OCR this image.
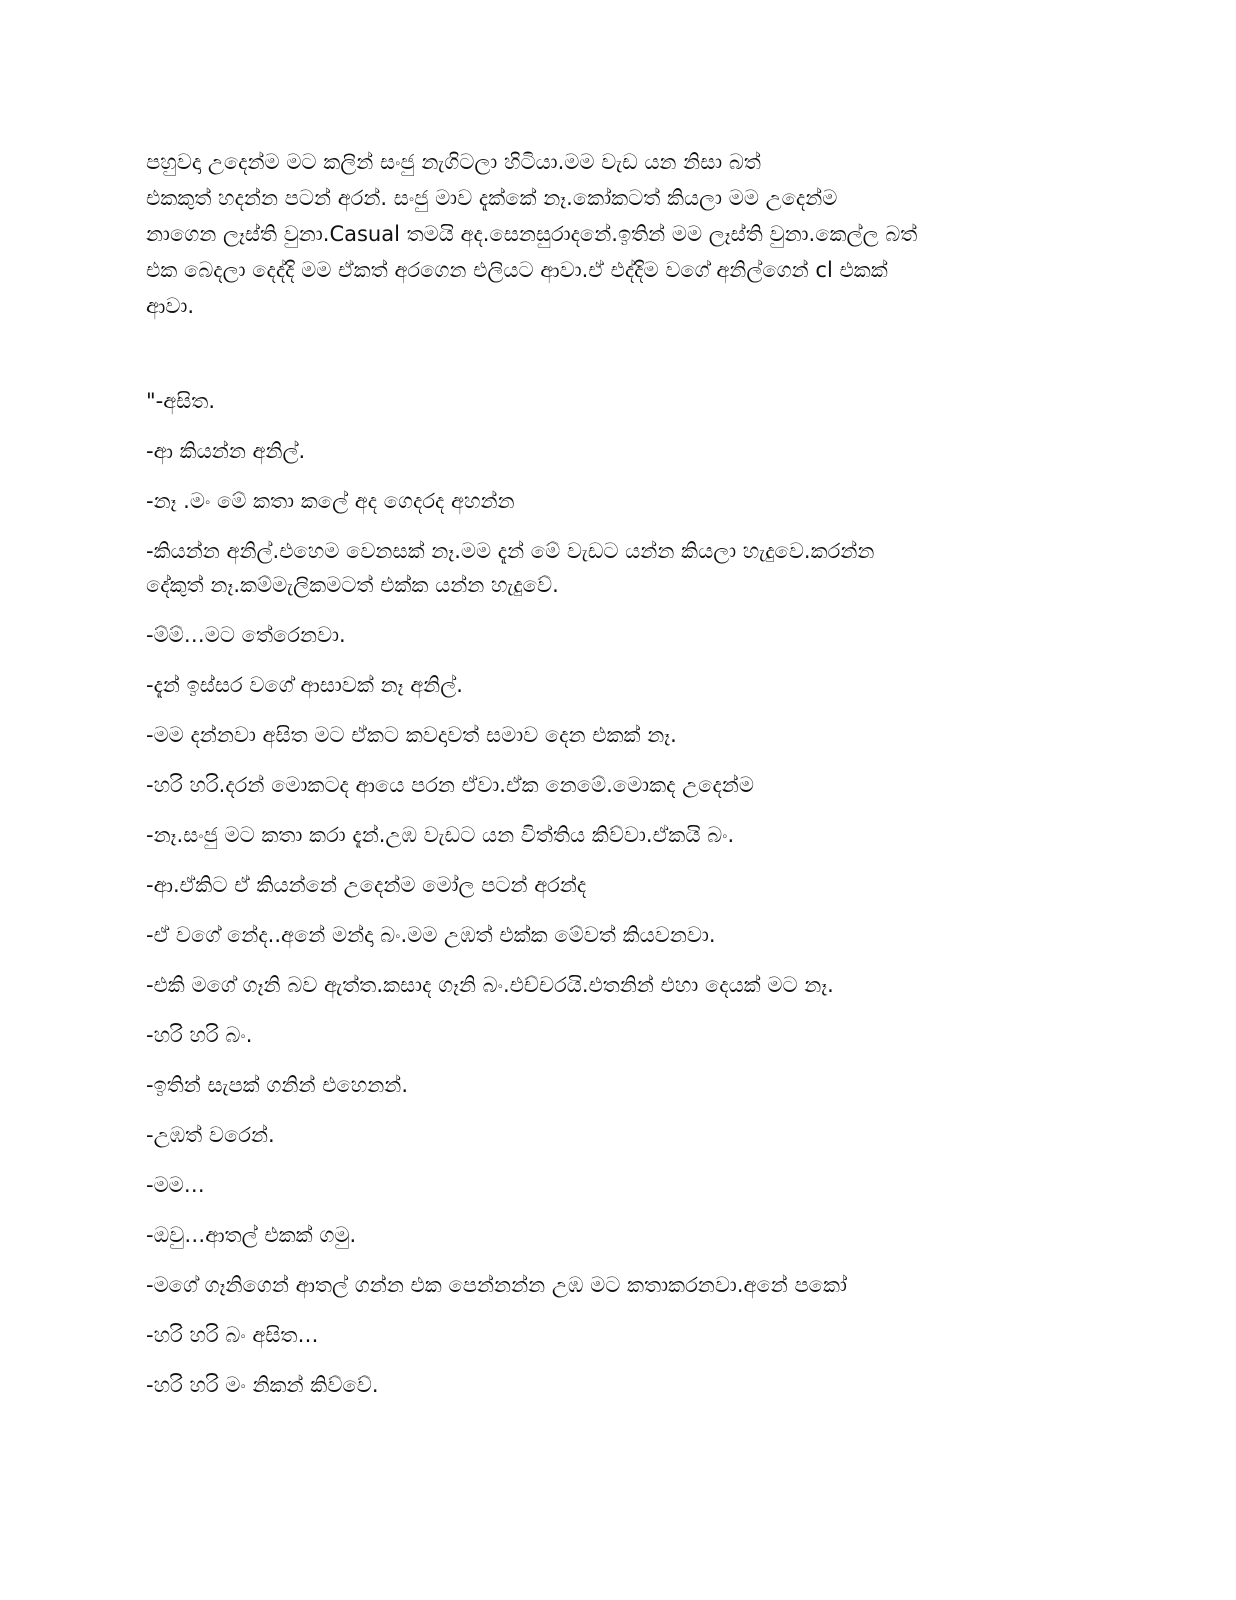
පහුවදා උදෙන්ම මට කලින් සංජු නැගිටලා හිටියා.මම වැඩ යන නිසා බත්
එකකුත් හදන්න පටන් අරන්. සංජු මාව දැක්කේ නෑ.කෝකටත් කියලා මම උදෙන්ම
නාගෙන ලෑස්ති වුනා.Casual තමයි අද.සෙනසුරාදනේ.ඉතින් මම ලෑස්ති වුනා.කෙල්ල බත්
එක බෙදලා දෙද්දි මම ඒකත් අරගෙන එලියට ආවා.ඒ එද්දිම වගේ අනිල්ගෙන් cl එකක්
ආවා.

"-අසිත.

-ආ කියන්න අනිල්.

-නෑ .මං මේ කතා කලේ අද ගෙදරද අහන්න

-කියන්න අනිල්.එහෙම වෙනසක් නෑ.මම දැන් මේ වැඩට යන්න කියලා හැදුවෙ.කරන්න
දේකුත් නෑ.කම්මැලිකමටත් එක්ක යන්න හැදුවේ.

-ම්ම්…මට තේරෙනවා.

-දැන් ඉස්සර වගේ ආසාවක් නෑ අනිල්.

-මම දන්නවා අසිත මට ඒකට කවදාවත් සමාව දෙන එකක් නෑ.

-හරි හරි.දරන් මොකටද ආයෙ පරන ඒවා.ඒක නෙමේ.මොකද උදෙන්ම

-නෑ.සංජු මට කතා කරා දැන්.උඹ වැඩට යන විත්තිය කිව්වා.ඒකයි බං.

-ආ.ඒකිට ඒ කියන්නේ උදෙන්ම මෝල පටන් අරන්ද

-ඒ වගේ නේද..අනේ මන්දා බං.මම උඹත් එක්ක මේවත් කියවනවා.

-එකි මගේ ගෑනි බව ඇත්ත.කසාද ගෑනි බං.එච්චරයි.එතනින් එහා දෙයක් මට නෑ.

-හරි හරි බං.

-ඉතින් සැපක් ගනින් එහෙනන්.

-උඹත් වරෙන්.

-මම…

-ඔවු…ආතල් එකක් ගමු.

-මගේ ගෑනිගෙන් ආතල් ගන්න එක පෙන්නන්න උඹ මට කතාකරනවා.අනේ පකෝ

-හරි හරි බං අසිත…

-හරි හරි මං නිකන් කිව්වේ.
